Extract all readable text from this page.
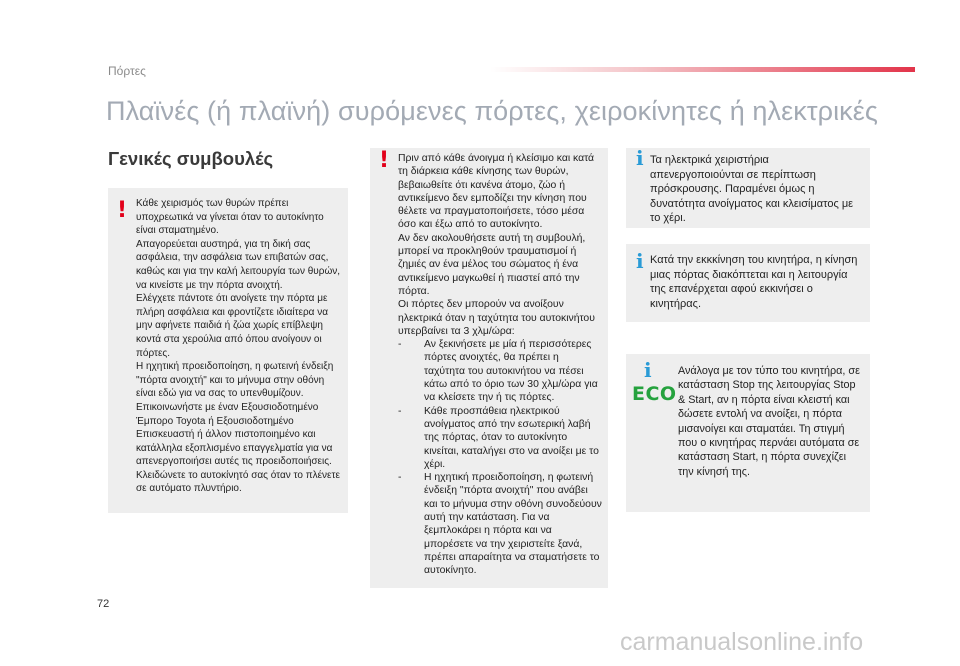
Πόρτες
Πλαϊνές (ή πλαϊνή) συρόμενες πόρτες, χειροκίνητες ή ηλεκτρικές
Γενικές συμβουλές
! Κάθε χειρισμός των θυρών πρέπει υποχρεωτικά να γίνεται όταν το αυτοκίνητο είναι σταματημένο.

Απαγορεύεται αυστηρά, για τη δική σας ασφάλεια, την ασφάλεια των επιβατών σας, καθώς και για την καλή λειτουργία των θυρών, να κινείστε με την πόρτα ανοιχτή.

Ελέγχετε πάντοτε ότι ανοίγετε την πόρτα με πλήρη ασφάλεια και φροντίζετε ιδιαίτερα να μην αφήνετε παιδιά ή ζώα χωρίς επίβλεψη κοντά στα χερούλια από όπου ανοίγουν οι πόρτες.

Η ηχητική προειδοποίηση, η φωτεινή ένδειξη "πόρτα ανοιχτή" και το μήνυμα στην οθόνη είναι εδώ για να σας το υπενθυμίζουν.

Επικοινωνήστε με έναν Εξουσιοδοτημένο Έμπορο Toyota ή Εξουσιοδοτημένο Επισκευαστή ή άλλον πιστοποιημένο και κατάλληλα εξοπλισμένο επαγγελματία για να απενεργοποιήσει αυτές τις προειδοποιήσεις.

Κλειδώνετε το αυτοκίνητό σας όταν το πλένετε σε αυτόματο πλυντήριο.

! Πριν από κάθε άνοιγμα ή κλείσιμο και κατά τη διάρκεια κάθε κίνησης των θυρών, βεβαιωθείτε ότι κανένα άτομο, ζώο ή αντικείμενο δεν εμποδίζει την κίνηση που θέλετε να πραγματοποιήσετε, τόσο μέσα όσο και έξω από το αυτοκίνητο.

Αν δεν ακολουθήσετε αυτή τη συμβουλή, μπορεί να προκληθούν τραυματισμοί ή ζημιές αν ένα μέλος του σώματος ή ένα αντικείμενο μαγκωθεί ή πιαστεί από την πόρτα.

Οι πόρτες δεν μπορούν να ανοίξουν ηλεκτρικά όταν η ταχύτητα του αυτοκινήτου υπερβαίνει τα 3 χλμ/ώρα:

- Αν ξεκινήσετε με μία ή περισσότερες πόρτες ανοιχτές, θα πρέπει η ταχύτητα του αυτοκινήτου να πέσει κάτω από το όριο των 30 χλμ/ώρα για να κλείσετε την ή τις πόρτες.
- Κάθε προσπάθεια ηλεκτρικού ανοίγματος από την εσωτερική λαβή της πόρτας, όταν το αυτοκίνητο κινείται, καταλήγει στο να ανοίξει με το χέρι.
- Η ηχητική προειδοποίηση, η φωτεινή ένδειξη "πόρτα ανοιχτή" που ανάβει και το μήνυμα στην οθόνη συνοδεύουν αυτή την κατάσταση. Για να ξεμπλοκάρει η πόρτα και να μπορέσετε να την χειριστείτε ξανά, πρέπει απαραίτητα να σταματήσετε το αυτοκίνητο.
i Τα ηλεκτρικά χειριστήρια απενεργοποιούνται σε περίπτωση πρόσκρουσης. Παραμένει όμως η δυνατότητα ανοίγματος και κλεισίματος με το χέρι.

i Κατά την εκκκίνηση του κινητήρα, η κίνηση μιας πόρτας διακόπτεται και η λειτουργία της επανέρχεται αφού εκκινήσει ο κινητήρας.

i
ECO

Ανάλογα με τον τύπο του κινητήρα, σε κατάσταση Stop της λειτουργίας Stop & Start, αν η πόρτα είναι κλειστή και δώσετε εντολή να ανοίξει, η πόρτα μισανοίγει και σταματάει. Τη στιγμή που ο κινητήρας περνάει αυτόματα σε κατάσταση Start, η πόρτα συνεχίζει την κίνησή της.

72
carmanualsonline.info
